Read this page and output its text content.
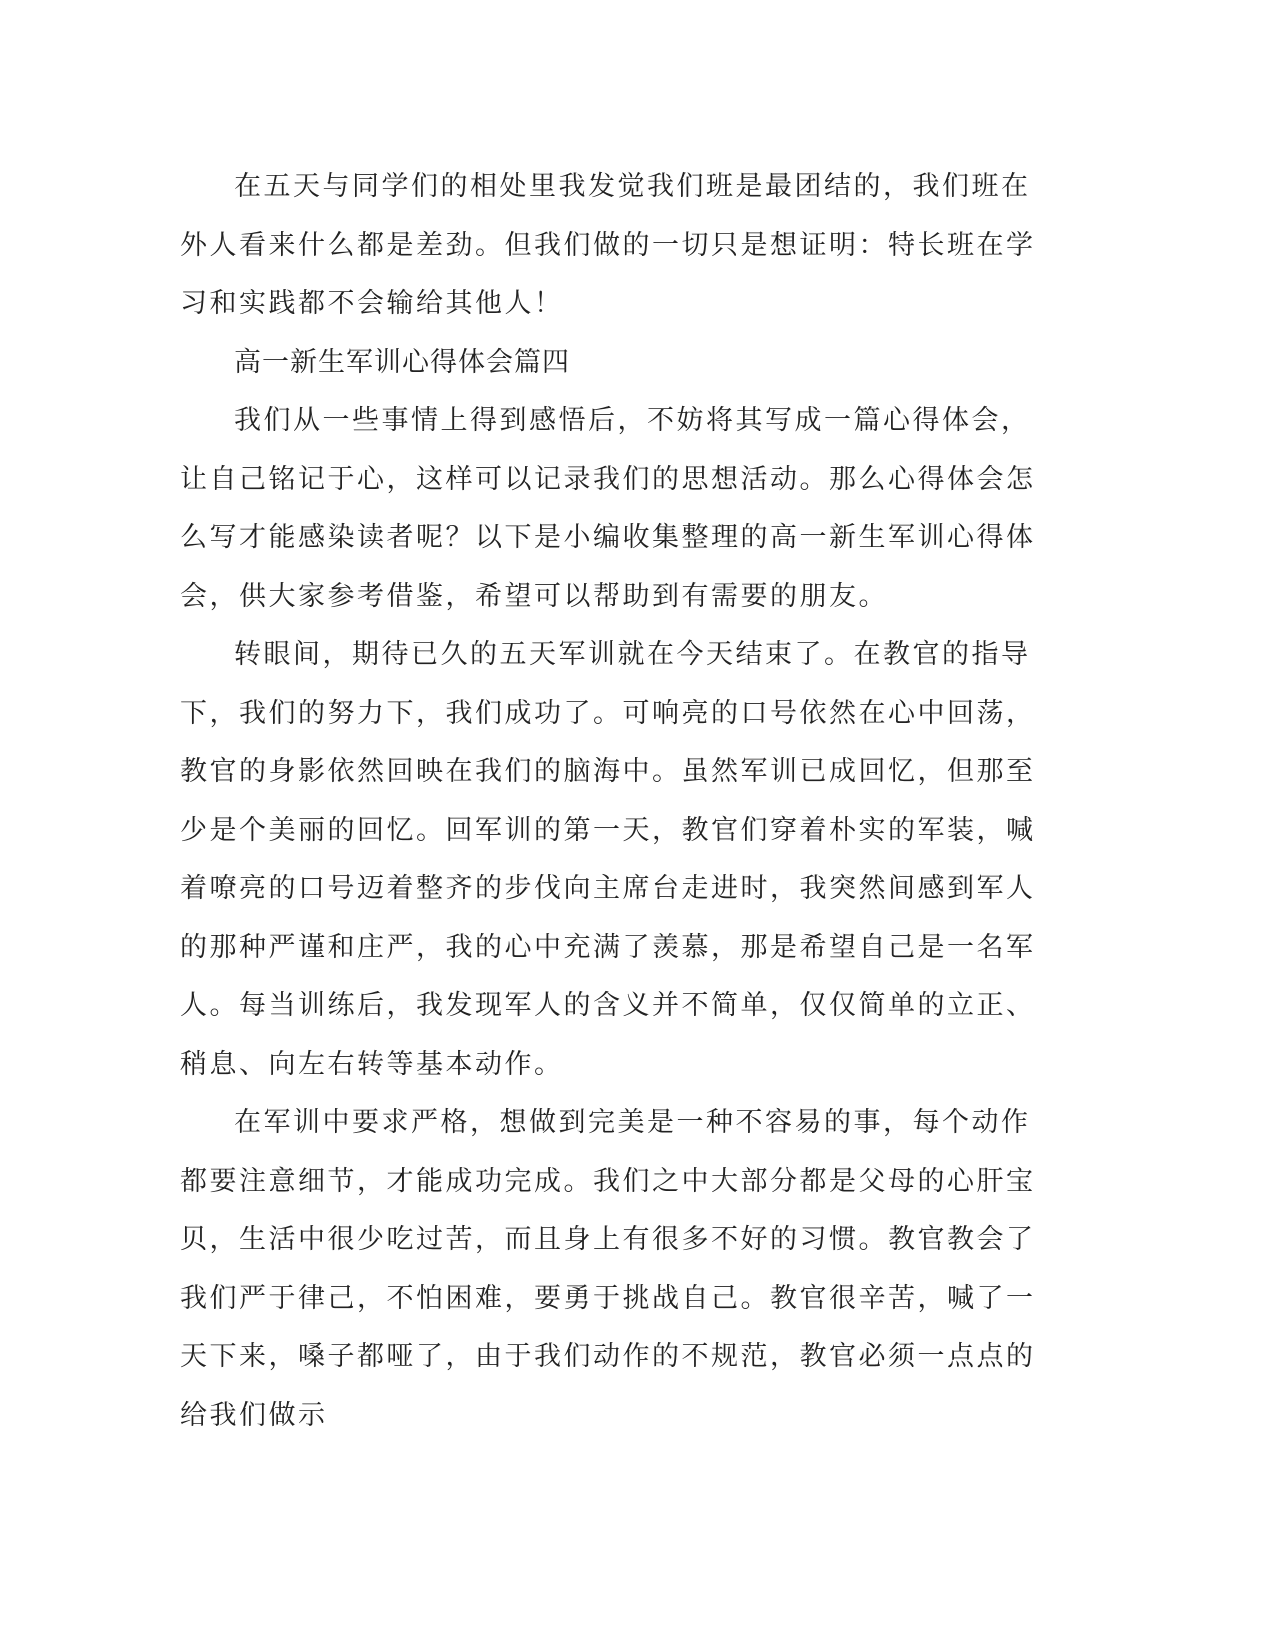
在五天与同学们的相处里我发觉我们班是最团结的，我们班在外人看来什么都是差劲。但我们做的一切只是想证明：特长班在学习和实践都不会输给其他人！

高一新生军训心得体会篇四

我们从一些事情上得到感悟后，不妨将其写成一篇心得体会，让自己铭记于心，这样可以记录我们的思想活动。那么心得体会怎么写才能感染读者呢？以下是小编收集整理的高一新生军训心得体会，供大家参考借鉴，希望可以帮助到有需要的朋友。

转眼间，期待已久的五天军训就在今天结束了。在教官的指导下，我们的努力下，我们成功了。可响亮的口号依然在心中回荡，教官的身影依然回映在我们的脑海中。虽然军训已成回忆，但那至少是个美丽的回忆。回军训的第一天，教官们穿着朴实的军装，喊着嘹亮的口号迈着整齐的步伐向主席台走进时，我突然间感到军人的那种严谨和庄严，我的心中充满了羡慕，那是希望自己是一名军人。每当训练后，我发现军人的含义并不简单，仅仅简单的立正、稍息、向左右转等基本动作。

在军训中要求严格，想做到完美是一种不容易的事，每个动作都要注意细节，才能成功完成。我们之中大部分都是父母的心肝宝贝，生活中很少吃过苦，而且身上有很多不好的习惯。教官教会了我们严于律己，不怕困难，要勇于挑战自己。教官很辛苦，喊了一天下来，嗓子都哑了，由于我们动作的不规范，教官必须一点点的给我们做示
